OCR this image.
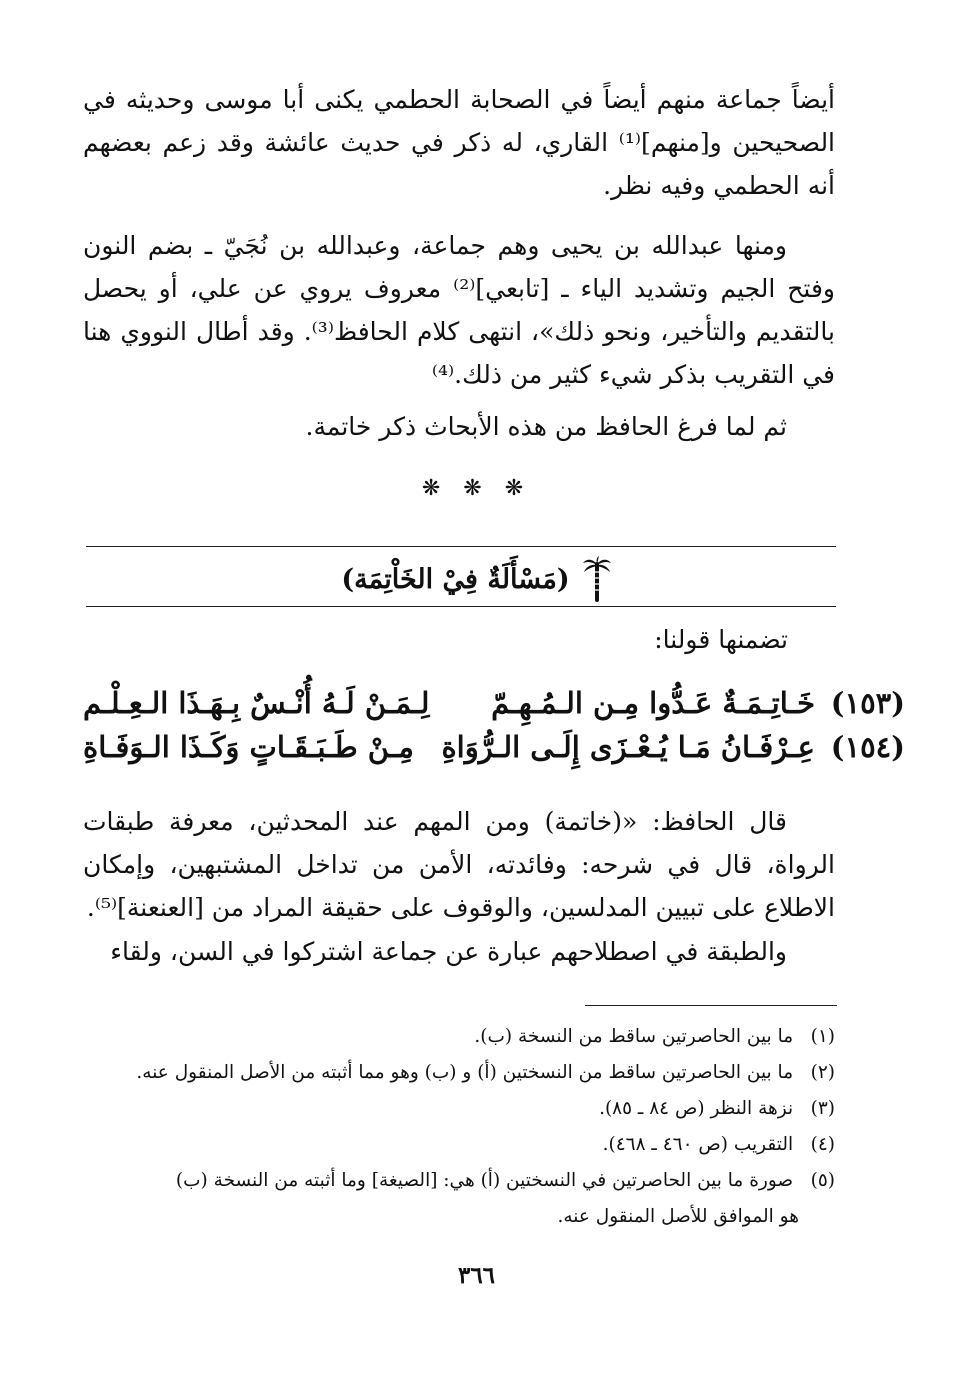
أيضاً جماعة منهم أيضاً في الصحابة الحطمي يكنى أبا موسى وحديثه في الصحيحين و[منهم]⁽¹⁾ القاري، له ذكر في حديث عائشة وقد زعم بعضهم أنه الحطمي وفيه نظر.

ومنها عبدالله بن يحيى وهم جماعة، وعبدالله بن نُجَيّ ـ بضم النون وفتح الجيم وتشديد الياء ـ [تابعي]⁽²⁾ معروف يروي عن علي، أو يحصل بالتقديم والتأخير، ونحو ذلك»، انتهى كلام الحافظ⁽³⁾. وقد أطال النووي هنا في التقريب بذكر شيء كثير من ذلك.⁽⁴⁾

ثم لما فرغ الحافظ من هذه الأبحاث ذكر خاتمة.

❋ ❋ ❋
(مَسْأَلَةٌ فِيْ الخَاْتِمَة)
تضمنها قولنا:
(١٥٣)
خَـاتِـمَـةٌ عَـدُّوا مِـن الـمُـهِـمّ
لِـمَـنْ لَـهُ أُنْـسٌ بِـهَـذَا الـعِـلْـم
(١٥٤)
عِـرْفَـانُ مَـا يُـعْـزَى إِلَـى الـرُّوَاةِ
مِـنْ طَـبَـقَـاتٍ وَكَـذَا الـوَفَـاةِ

قال الحافظ: «(خاتمة) ومن المهم عند المحدثين، معرفة طبقات الرواة، قال في شرحه: وفائدته، الأمن من تداخل المشتبهين، وإمكان الاطلاع على تبيين المدلسين، والوقوف على حقيقة المراد من [العنعنة]⁽⁵⁾.

والطبقة في اصطلاحهم عبارة عن جماعة اشتركوا في السن، ولقاء

(١) ما بين الحاصرتين ساقط من النسخة (ب).

(٢) ما بين الحاصرتين ساقط من النسختين (أ) و (ب) وهو مما أثبته من الأصل المنقول عنه.

(٣) نزهة النظر (ص ٨٤ ـ ٨٥).

(٤) التقريب (ص ٤٦٠ ـ ٤٦٨).

(٥) صورة ما بين الحاصرتين في النسختين (أ) هي: [الصيغة] وما أثبته من النسخة (ب)
هو الموافق للأصل المنقول عنه.

٣٦٦
